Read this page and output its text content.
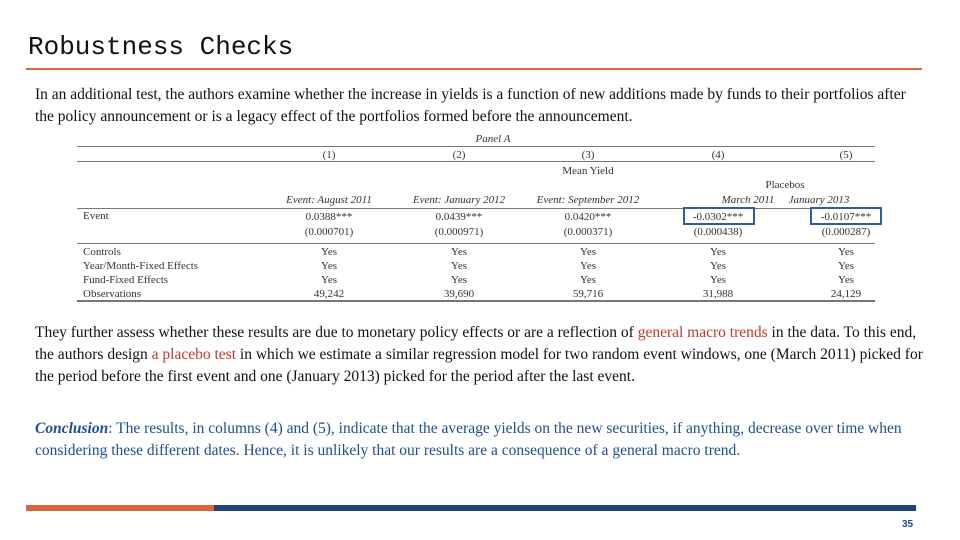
Robustness Checks

In an additional test, the authors examine whether the increase in yields is a function of new additions made by funds to their portfolios after the policy announcement or is a legacy effect of the portfolios formed before the announcement.

Panel A
(1)	(2)	(3)	(4)	(5)
Mean Yield
Placebos
Event: August 2011	Event: January 2012	Event: September 2012	March 2011 January 2013
Event	0.0388***	0.0439***	0.0420***	-0.0302***	-0.0107***
(0.000701)	(0.000971)	(0.000371)	(0.000438)	(0.000287)
Controls	Yes	Yes	Yes	Yes	Yes
Year/Month-Fixed Effects	Yes	Yes	Yes	Yes	Yes
Fund-Fixed Effects	Yes	Yes	Yes	Yes	Yes
Observations	49,242	39,690	59,716	31,988	24,129

They further assess whether these results are due to monetary policy effects or are a reflection of general macro trends in the data. To this end, the authors design a placebo test in which we estimate a similar regression model for two random event windows, one (March 2011) picked for the period before the first event and one (January 2013) picked for the period after the last event.

Conclusion: The results, in columns (4) and (5), indicate that the average yields on the new securities, if anything, decrease over time when considering these different dates. Hence, it is unlikely that our results are a consequence of a general macro trend.

35
